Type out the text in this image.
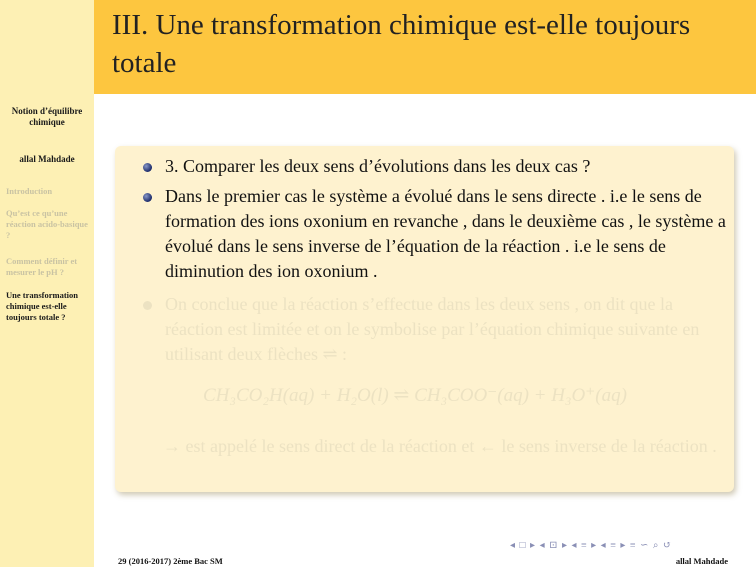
Notion d’équilibre chimique
allal Mahdade
Introduction
Qu’est ce qu’une réaction acido-basique ?
Comment définir et mesurer le pH ?
Une transformation chimique est-elle toujours totale ?
III. Une transformation chimique est-elle toujours totale
3. Comparer les deux sens d’évolutions dans les deux cas ?
Dans le premier cas le système a évolué dans le sens directe . i.e le sens de formation des ions oxonium en revanche , dans le deuxième cas , le système a évolué dans le sens inverse de l’équation de la réaction . i.e le sens de diminution des ion oxonium .
On conclue que la réaction s’effectue dans les deux sens , on dit que la réaction est limitée et on le symbolise par l’équation chimique suivante en utilisant deux flèches ⇌ :
CH₃CO₂H(aq) + H₂O(l) ⇌ CH₃COO⁻(aq) + H₃O⁺(aq)
→ est appelé le sens direct de la réaction et ← le sens inverse de la réaction .
◂ □ ▸ ◂ ⊡ ▸ ◂ ≡ ▸ ◂ ≡ ▸ ≡ ∽ ⌕ ↺
29 (2016-2017) 2ème Bac SM	allal Mahdade
